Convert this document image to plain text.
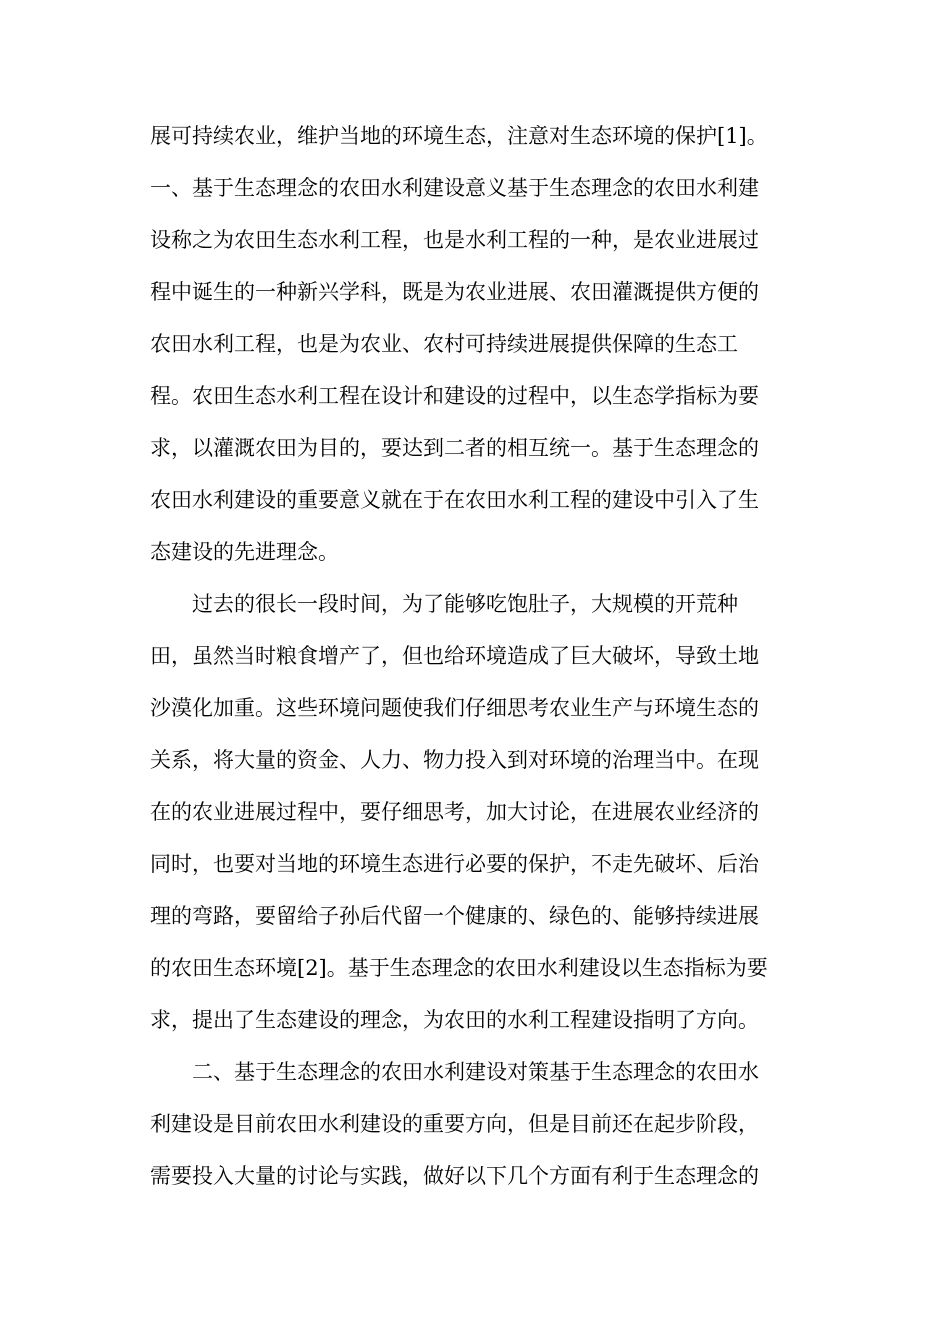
展可持续农业，维护当地的环境生态，注意对生态环境的保护[1]。
一、基于生态理念的农田水利建设意义基于生态理念的农田水利建
设称之为农田生态水利工程，也是水利工程的一种，是农业进展过
程中诞生的一种新兴学科，既是为农业进展、农田灌溉提供方便的
农田水利工程，也是为农业、农村可持续进展提供保障的生态工
程。农田生态水利工程在设计和建设的过程中，以生态学指标为要
求，以灌溉农田为目的，要达到二者的相互统一。基于生态理念的
农田水利建设的重要意义就在于在农田水利工程的建设中引入了生
态建设的先进理念。
过去的很长一段时间，为了能够吃饱肚子，大规模的开荒种
田，虽然当时粮食增产了，但也给环境造成了巨大破坏，导致土地
沙漠化加重。这些环境问题使我们仔细思考农业生产与环境生态的
关系，将大量的资金、人力、物力投入到对环境的治理当中。在现
在的农业进展过程中，要仔细思考，加大讨论，在进展农业经济的
同时，也要对当地的环境生态进行必要的保护，不走先破坏、后治
理的弯路，要留给子孙后代留一个健康的、绿色的、能够持续进展
的农田生态环境[2]。基于生态理念的农田水利建设以生态指标为要
求，提出了生态建设的理念，为农田的水利工程建设指明了方向。
二、基于生态理念的农田水利建设对策基于生态理念的农田水
利建设是目前农田水利建设的重要方向，但是目前还在起步阶段，
需要投入大量的讨论与实践，做好以下几个方面有利于生态理念的
